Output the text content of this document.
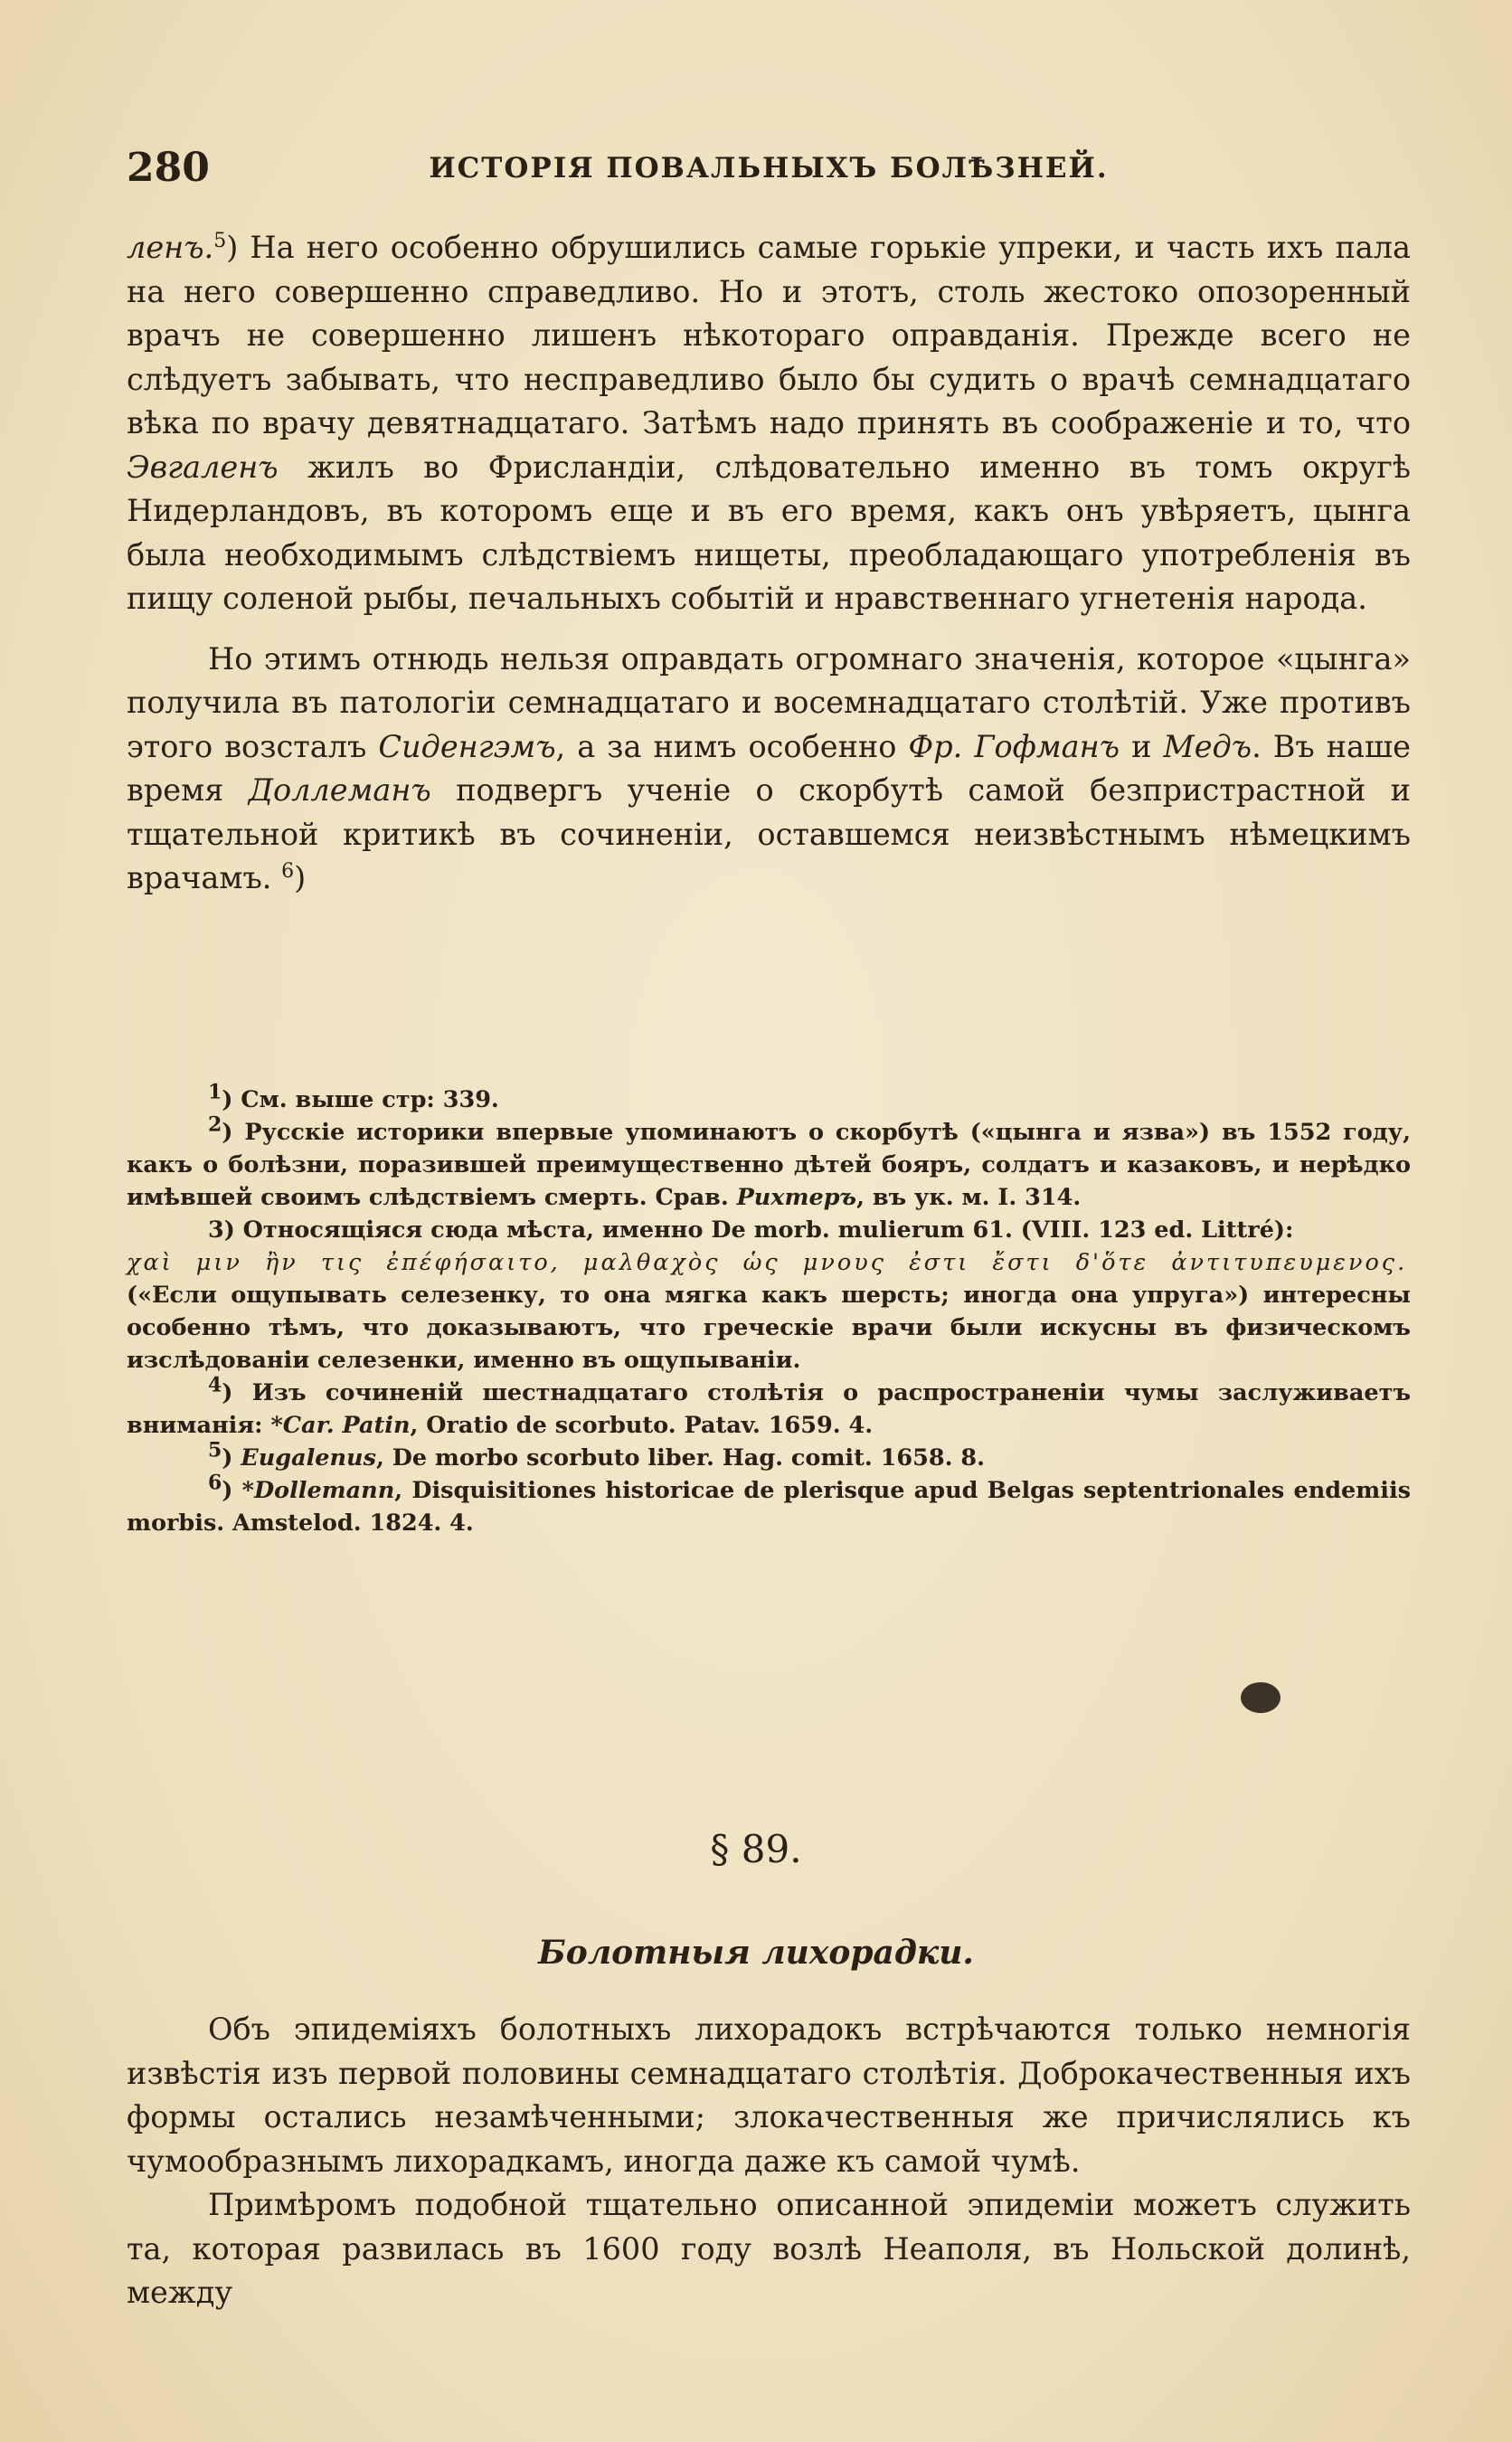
280	ИСТОРІЯ ПОВАЛЬНЫХЪ БОЛѢЗНЕЙ.

ленъ.$^5$) На него особенно обрушились самые горькіе упреки, и часть ихъ пала на него совершенно справедливо. Но и этотъ, столь жестоко опозоренный врачъ не совершенно лишенъ нѣкотораго оправданія. Прежде всего не слѣдуетъ забывать, что несправедливо было бы судить о врачѣ семнадцатаго вѣка по врачу девятнадцатаго. Затѣмъ надо принять въ соображеніе и то, что Эвгаленъ жилъ во Фрисландіи, слѣдовательно именно въ томъ округѣ Нидерландовъ, въ которомъ еще и въ его время, какъ онъ увѣряетъ, цынга была необходимымъ слѣдствіемъ нищеты, преобладающаго употребленія въ пищу соленой рыбы, печальныхъ событій и нравственнаго угнетенія народа.

Но этимъ отнюдь нельзя оправдать огромнаго значенія, которое «цынга» получила въ патологіи семнадцатаго и восемнадцатаго столѣтій. Уже противъ этого возсталъ Сиденгэмъ, а за нимъ особенно Фр. Гофманъ и Медъ. Въ наше время Доллеманъ подвергъ ученіе о скорбутѣ самой безпристрастной и тщательной критикѣ въ сочиненіи, оставшемся неизвѣстнымъ нѣмецкимъ врачамъ. $^6$)

$^1$) См. выше стр: 339.

$^2$) Русскіе историки впервые упоминаютъ о скорбутѣ («цынга и язва») въ 1552 году, какъ о болѣзни, поразившей преимущественно дѣтей бояръ, солдатъ и казаковъ, и нерѣдко имѣвшей своимъ слѣдствіемъ смерть. Срав. Рихтеръ, въ ук. м. I. 314.

3) Относящіяся сюда мѣста, именно De morb. mulierum 61. (VIII. 123 ed. Littré):

χαὶ μιν ἢν τις ἐπέφήσαιτο, μαλθαχὸς ὡς μνους ἐστι ἔστι δ'ὅτε ἀντιτυπευμενος.

(«Если ощупывать селезенку, то она мягка какъ шерсть; иногда она упруга») интересны особенно тѣмъ, что доказываютъ, что греческіе врачи были искусны въ физическомъ изслѣдованіи селезенки, именно въ ощупываніи.

$^4$) Изъ сочиненій шестнадцатаго столѣтія о распространеніи чумы заслуживаетъ вниманія: *Car. Patin, Oratio de scorbuto. Patav. 1659. 4.

$^5$) Eugalenus, De morbo scorbuto liber. Hag. comit. 1658. 8.

$^6$) *Dollemann, Disquisitiones historicae de plerisque apud Belgas septentrionales endemiis morbis. Amstelod. 1824. 4.

§ 89.
Болотныя лихорадки.

Объ эпидеміяхъ болотныхъ лихорадокъ встрѣчаются только немногія извѣстія изъ первой половины семнадцатаго столѣтія. Доброкачественныя ихъ формы остались незамѣченными; злокачественныя же причислялись къ чумообразнымъ лихорадкамъ, иногда даже къ самой чумѣ.

Примѣромъ подобной тщательно описанной эпидеміи можетъ служить та, которая развилась въ 1600 году возлѣ Неаполя, въ Нольской долинѣ, между
